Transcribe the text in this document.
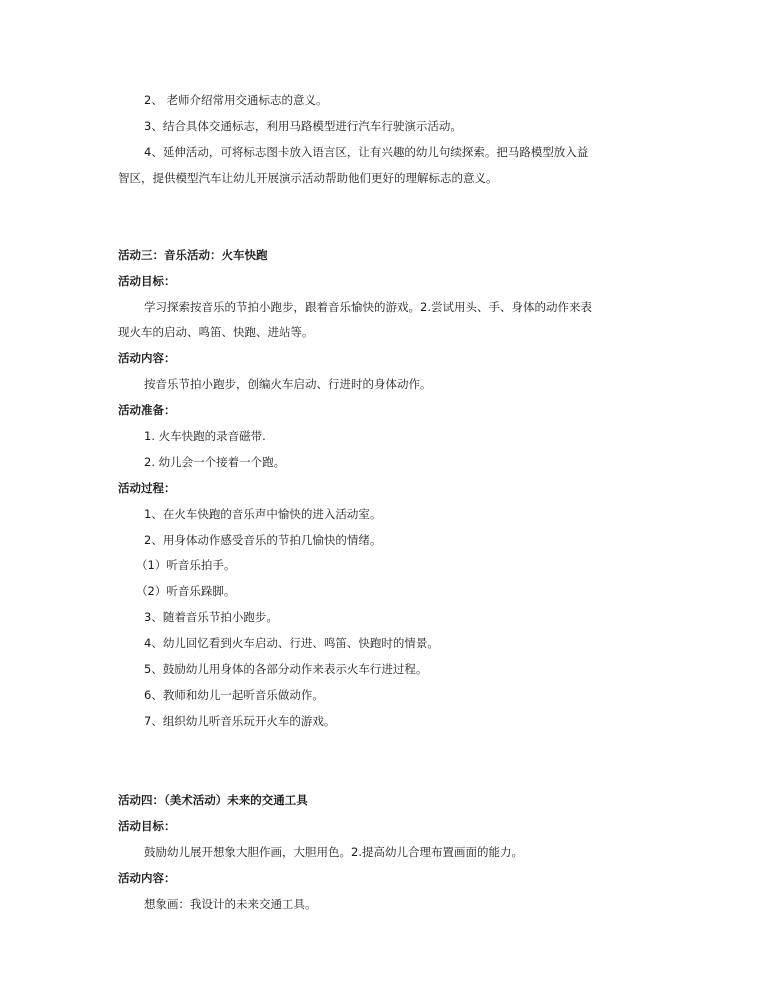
2、 老师介绍常用交通标志的意义。
3、结合具体交通标志，利用马路模型进行汽车行驶演示活动。
4、延伸活动，可将标志图卡放入语言区，让有兴趣的幼儿句续探索。把马路模型放入益
智区，提供模型汽车让幼儿开展演示活动帮助他们更好的理解标志的意义。
活动三：音乐活动：火车快跑
活动目标：
学习探索按音乐的节拍小跑步，跟着音乐愉快的游戏。2.尝试用头、手、身体的动作来表
现火车的启动、鸣笛、快跑、进站等。
活动内容：
按音乐节拍小跑步，创编火车启动、行进时的身体动作。
活动准备：
1. 火车快跑的录音磁带.
2. 幼儿会一个接着一个跑。
活动过程：
1、在火车快跑的音乐声中愉快的进入活动室。
2、用身体动作感受音乐的节拍几愉快的情绪。
（1）听音乐拍手。
（2）听音乐跺脚。
3、随着音乐节拍小跑步。
4、幼儿回忆看到火车启动、行进、鸣笛、快跑时的情景。
5、鼓励幼儿用身体的各部分动作来表示火车行进过程。
6、教师和幼儿一起听音乐做动作。
7、组织幼儿听音乐玩开火车的游戏。
活动四：（美术活动）未来的交通工具
活动目标：
鼓励幼儿展开想象大胆作画，大胆用色。2.提高幼儿合理布置画面的能力。
活动内容：
想象画：我设计的未来交通工具。
